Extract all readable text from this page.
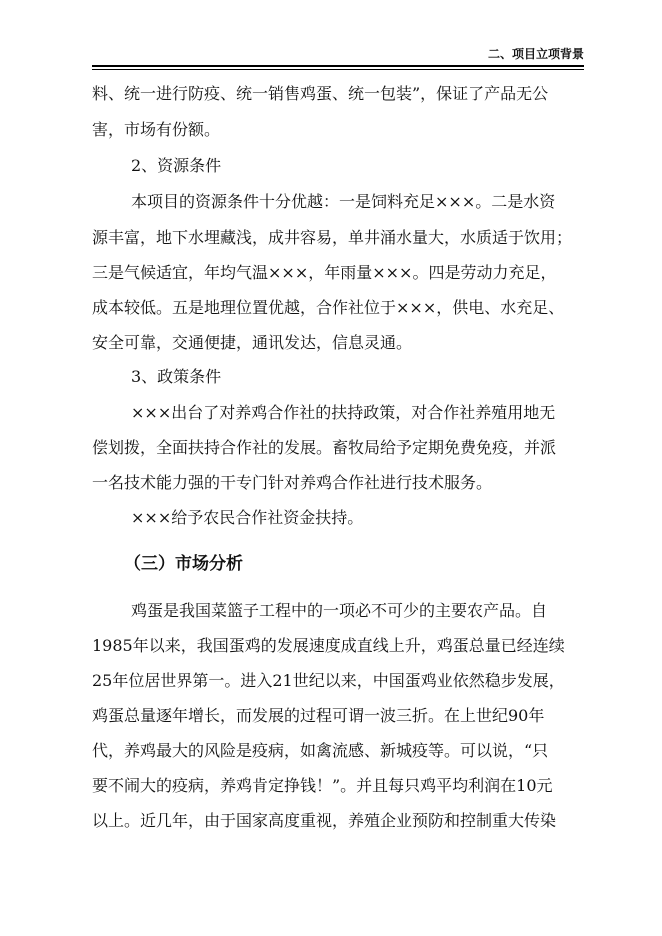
二、项目立项背景
料、统一进行防疫、统一销售鸡蛋、统一包装”，保证了产品无公
害，市场有份额。
2、资源条件
本项目的资源条件十分优越：一是饲料充足×××。二是水资
源丰富，地下水埋藏浅，成井容易，单井涌水量大，水质适于饮用；
三是气候适宜，年均气温×××，年雨量×××。四是劳动力充足，
成本较低。五是地理位置优越，合作社位于×××，供电、水充足、
安全可靠，交通便捷，通讯发达，信息灵通。
3、政策条件
×××出台了对养鸡合作社的扶持政策，对合作社养殖用地无
偿划拨，全面扶持合作社的发展。畜牧局给予定期免费免疫，并派
一名技术能力强的干专门针对养鸡合作社进行技术服务。
×××给予农民合作社资金扶持。
（三）市场分析
鸡蛋是我国菜篮子工程中的一项必不可少的主要农产品。自
1985年以来，我国蛋鸡的发展速度成直线上升，鸡蛋总量已经连续
25年位居世界第一。进入21世纪以来，中国蛋鸡业依然稳步发展，
鸡蛋总量逐年增长，而发展的过程可谓一波三折。在上世纪90年
代，养鸡最大的风险是疫病，如禽流感、新城疫等。可以说，“只
要不闹大的疫病，养鸡肯定挣钱！”。并且每只鸡平均利润在10元
以上。近几年，由于国家高度重视，养殖企业预防和控制重大传染
